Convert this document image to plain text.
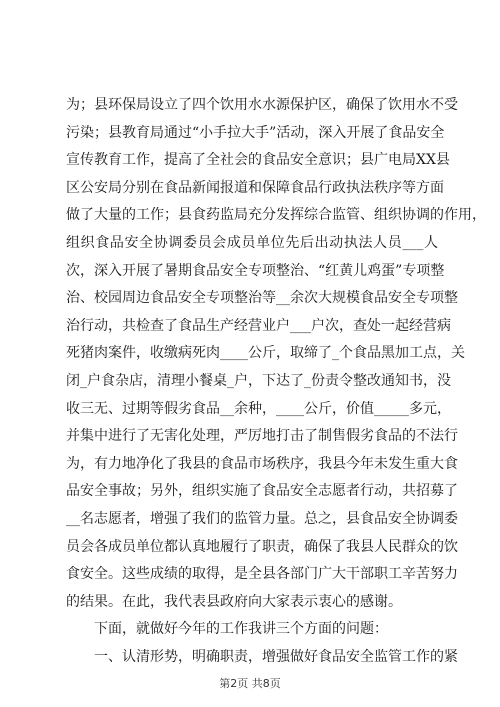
为；县环保局设立了四个饮用水水源保护区，确保了饮用水不受
污染；县教育局通过“小手拉大手”活动，深入开展了食品安全
宣传教育工作，提高了全社会的食品安全意识；县广电局XX县
区公安局分别在食品新闻报道和保障食品行政执法秩序等方面
做了大量的工作；县食药监局充分发挥综合监管、组织协调的作用，
组织食品安全协调委员会成员单位先后出动执法人员___人
次，深入开展了暑期食品安全专项整治、“红黄儿鸡蛋”专项整
治、校园周边食品安全专项整治等__余次大规模食品安全专项整
治行动，共检查了食品生产经营业户___户次，查处一起经营病
死猪肉案件，收缴病死肉____公斤，取缔了_个食品黑加工点，关
闭_户食杂店，清理小餐桌_户，下达了_份责令整改通知书，没
收三无、过期等假劣食品__余种，____公斤，价值_____多元，
并集中进行了无害化处理，严厉地打击了制售假劣食品的不法行
为，有力地净化了我县的食品市场秩序，我县今年未发生重大食
品安全事故；另外，组织实施了食品安全志愿者行动，共招募了
__名志愿者，增强了我们的监管力量。总之，县食品安全协调委
员会各成员单位都认真地履行了职责，确保了我县人民群众的饮
食安全。这些成绩的取得，是全县各部门广大干部职工辛苦努力
的结果。在此，我代表县政府向大家表示衷心的感谢。
下面，就做好今年的工作我讲三个方面的问题：
一、认清形势，明确职责，增强做好食品安全监管工作的紧
第2页 共8页
